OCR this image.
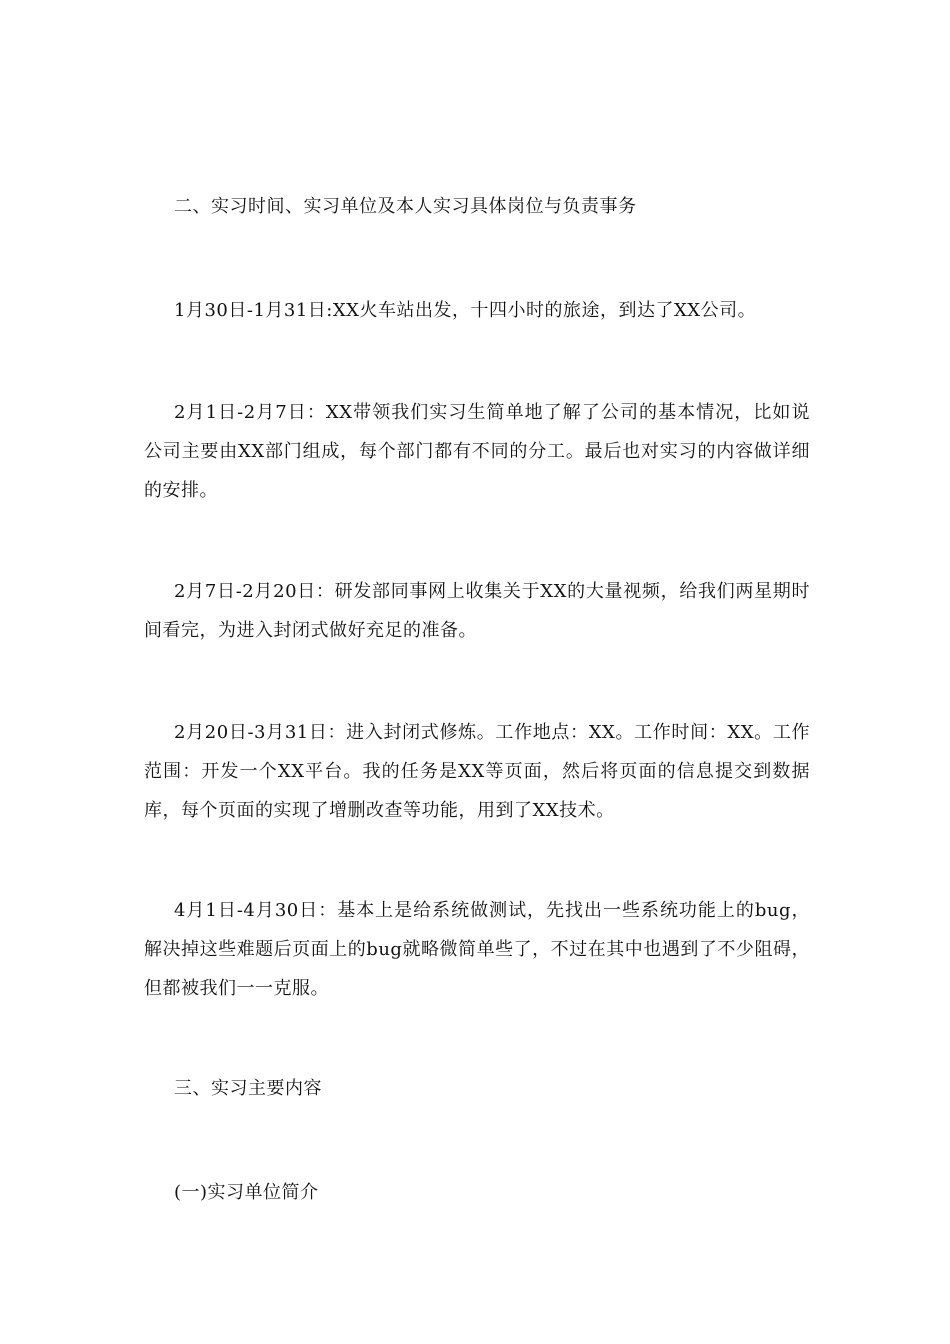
二、实习时间、实习单位及本人实习具体岗位与负责事务

1月30日-1月31日:XX火车站出发，十四小时的旅途，到达了XX公司。

2月1日-2月7日：XX带领我们实习生简单地了解了公司的基本情况，比如说公司主要由XX部门组成，每个部门都有不同的分工。最后也对实习的内容做详细的安排。

2月7日-2月20日：研发部同事网上收集关于XX的大量视频，给我们两星期时间看完，为进入封闭式做好充足的准备。

2月20日-3月31日：进入封闭式修炼。工作地点：XX。工作时间：XX。工作范围：开发一个XX平台。我的任务是XX等页面，然后将页面的信息提交到数据库，每个页面的实现了增删改查等功能，用到了XX技术。

4月1日-4月30日：基本上是给系统做测试，先找出一些系统功能上的bug，解决掉这些难题后页面上的bug就略微简单些了，不过在其中也遇到了不少阻碍，但都被我们一一克服。

三、实习主要内容

(一)实习单位简介
